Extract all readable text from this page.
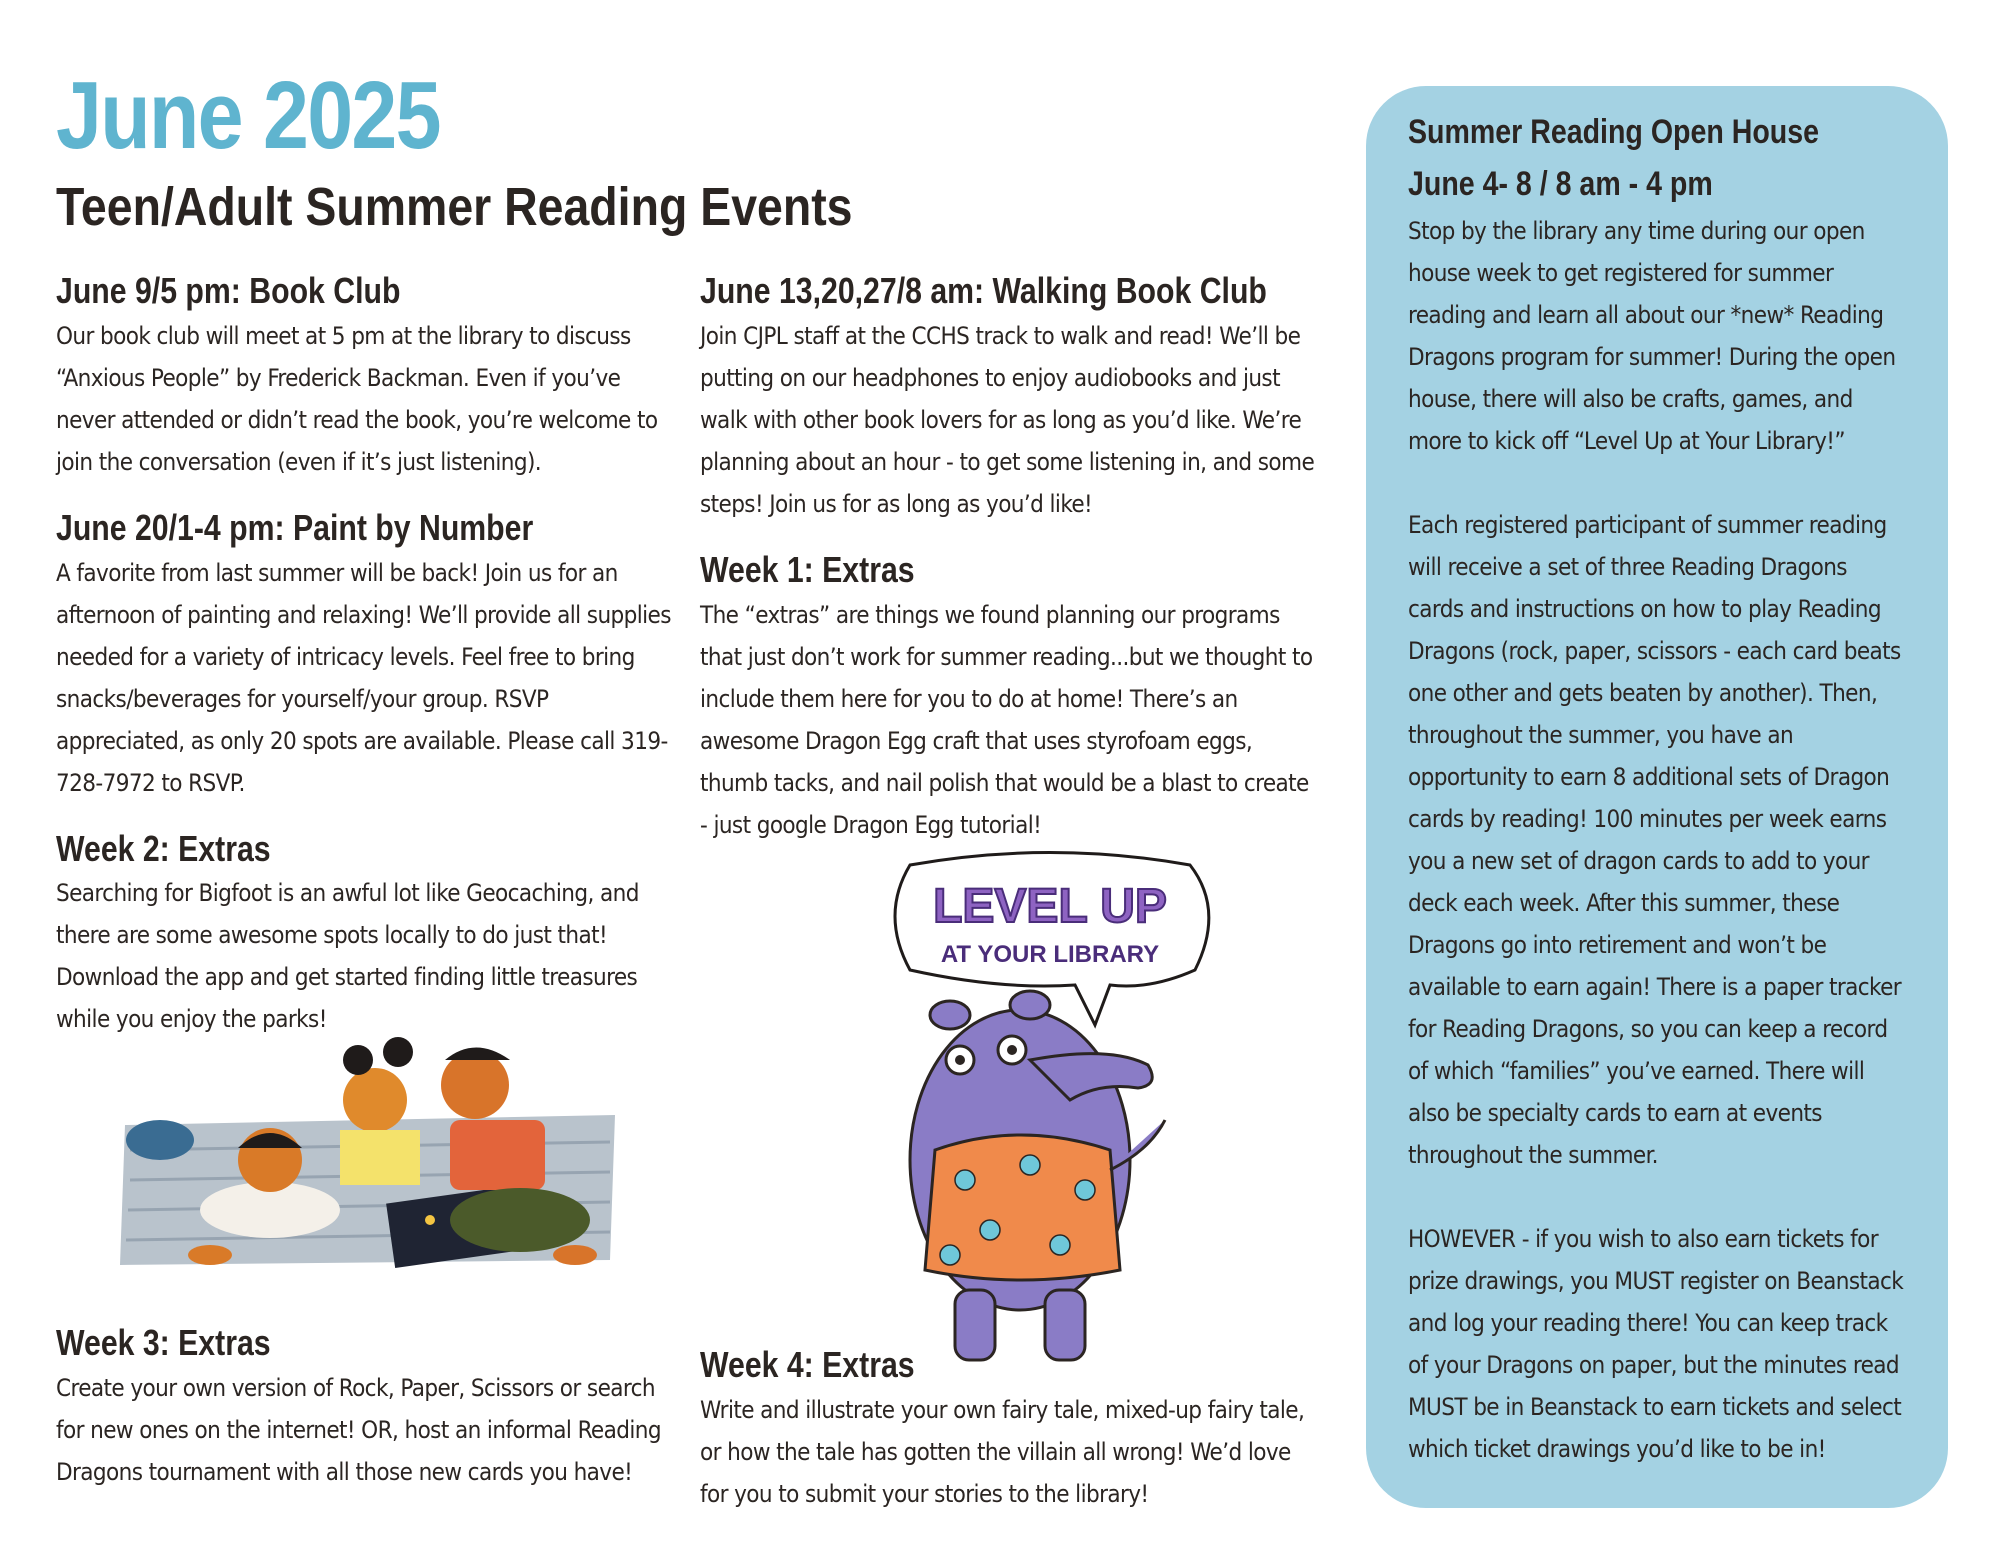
June 2025
Teen/Adult Summer Reading Events
June 9/5 pm: Book Club

Our book club will meet at 5 pm at the library to discuss “Anxious People” by Frederick Backman. Even if you’ve never attended or didn’t read the book, you’re welcome to join the conversation (even if it’s just listening).

June 20/1-4 pm: Paint by Number

A favorite from last summer will be back! Join us for an afternoon of painting and relaxing! We’ll provide all supplies needed for a variety of intricacy levels. Feel free to bring snacks/beverages for yourself/your group. RSVP appreciated, as only 20 spots are available. Please call 319-728-7972 to RSVP.

Week 2: Extras

Searching for Bigfoot is an awful lot like Geocaching, and there are some awesome spots locally to do just that! Download the app and get started finding little treasures while you enjoy the parks!

Week 3: Extras

Create your own version of Rock, Paper, Scissors or search for new ones on the internet! OR, host an informal Reading Dragons tournament with all those new cards you have!

June 13,20,27/8 am: Walking Book Club

Join CJPL staff at the CCHS track to walk and read! We’ll be putting on our headphones to enjoy audiobooks and just walk with other book lovers for as long as you’d like. We’re planning about an hour - to get some listening in, and some steps! Join us for as long as you’d like!

Week 1: Extras

The “extras” are things we found planning our programs that just don’t work for summer reading...but we thought to include them here for you to do at home! There’s an awesome Dragon Egg craft that uses styrofoam eggs, thumb tacks, and nail polish that would be a blast to create - just google Dragon Egg tutorial!

LEVEL UP
AT YOUR LIBRARY
Week 4: Extras

Write and illustrate your own fairy tale, mixed-up fairy tale, or how the tale has gotten the villain all wrong! We’d love for you to submit your stories to the library!

Summer Reading Open House
June 4- 8 / 8 am - 4 pm

Stop by the library any time during our open house week to get registered for summer reading and learn all about our *new* Reading Dragons program for summer! During the open house, there will also be crafts, games, and more to kick off “Level Up at Your Library!”

Each registered participant of summer reading will receive a set of three Reading Dragons cards and instructions on how to play Reading Dragons (rock, paper, scissors - each card beats one other and gets beaten by another). Then, throughout the summer, you have an opportunity to earn 8 additional sets of Dragon cards by reading! 100 minutes per week earns you a new set of dragon cards to add to your deck each week. After this summer, these Dragons go into retirement and won’t be available to earn again! There is a paper tracker for Reading Dragons, so you can keep a record of which “families” you’ve earned. There will also be specialty cards to earn at events throughout the summer.

HOWEVER - if you wish to also earn tickets for prize drawings, you MUST register on Beanstack and log your reading there! You can keep track of your Dragons on paper, but the minutes read MUST be in Beanstack to earn tickets and select which ticket drawings you’d like to be in!
